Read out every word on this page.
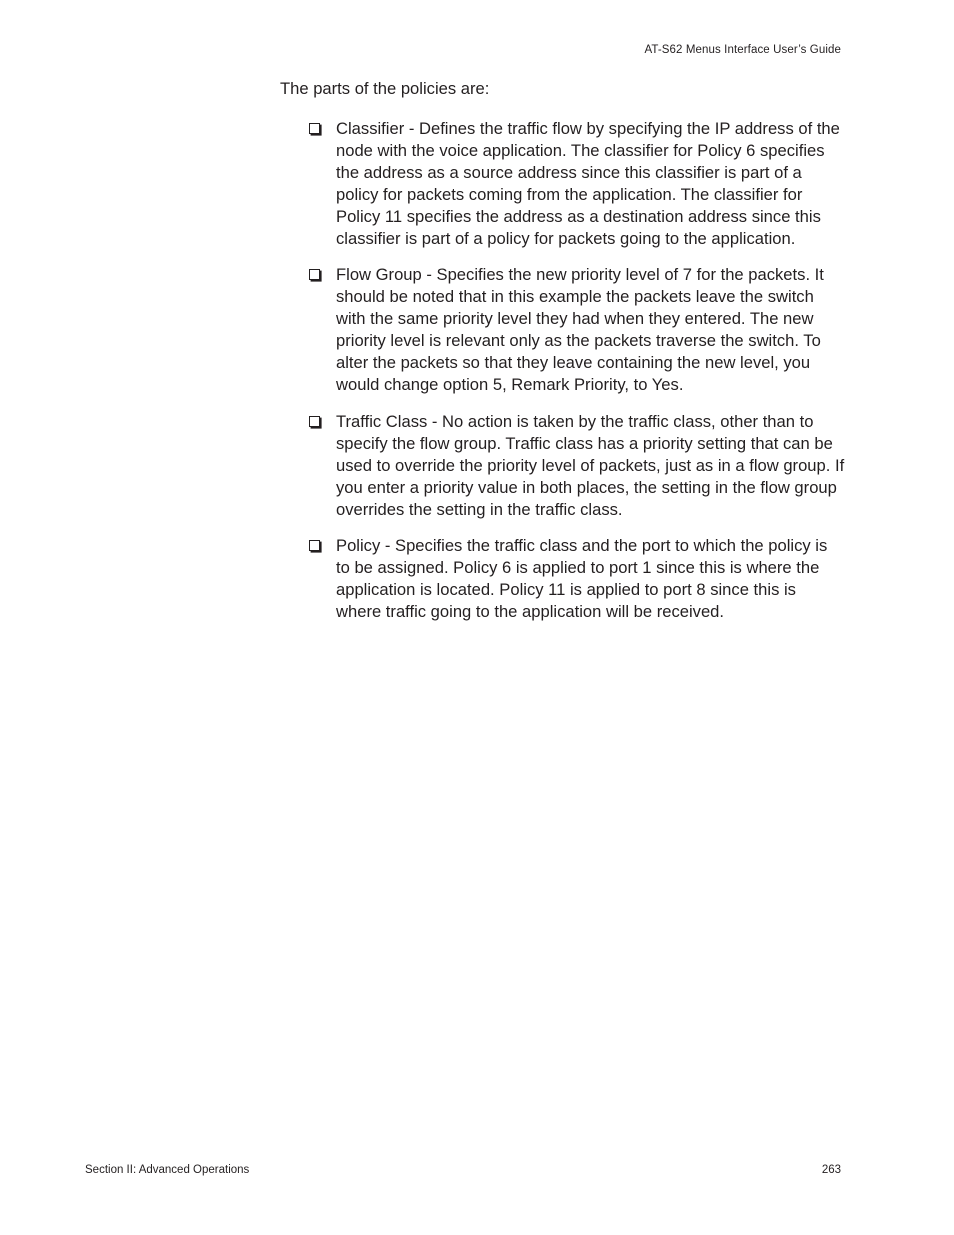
AT-S62 Menus Interface User’s Guide

The parts of the policies are:

Classifier - Defines the traffic flow by specifying the IP address of the node with the voice application. The classifier for Policy 6 specifies the address as a source address since this classifier is part of a policy for packets coming from the application. The classifier for Policy 11 specifies the address as a destination address since this classifier is part of a policy for packets going to the application.
Flow Group - Specifies the new priority level of 7 for the packets. It should be noted that in this example the packets leave the switch with the same priority level they had when they entered. The new priority level is relevant only as the packets traverse the switch. To alter the packets so that they leave containing the new level, you would change option 5, Remark Priority, to Yes.
Traffic Class - No action is taken by the traffic class, other than to specify the flow group. Traffic class has a priority setting that can be used to override the priority level of packets, just as in a flow group. If you enter a priority value in both places, the setting in the flow group overrides the setting in the traffic class.
Policy - Specifies the traffic class and the port to which the policy is to be assigned. Policy 6 is applied to port 1 since this is where the application is located. Policy 11 is applied to port 8 since this is where traffic going to the application will be received.
Section II: Advanced Operations	263
